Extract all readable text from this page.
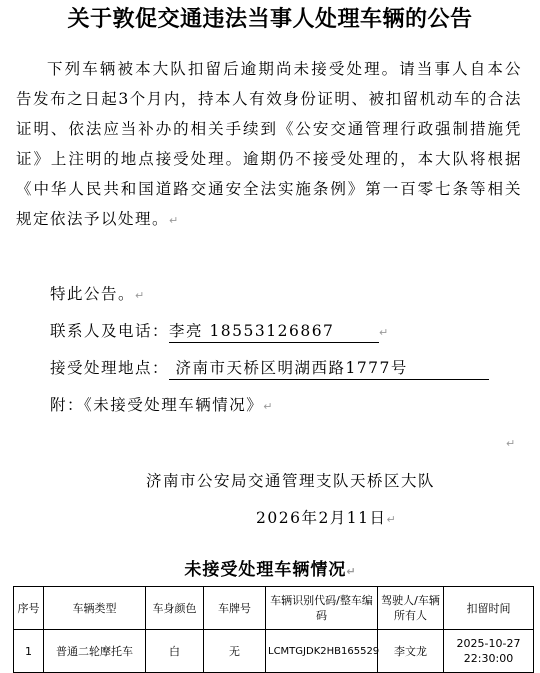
关于敦促交通违法当事人处理车辆的公告
下列车辆被本大队扣留后逾期尚未接受处理。请当事人自本公告发布之日起3个月内，持本人有效身份证明、被扣留机动车的合法证明、依法应当补办的相关手续到《公安交通管理行政强制措施凭证》上注明的地点接受处理。逾期仍不接受处理的，本大队将根据《中华人民共和国道路交通安全法实施条例》第一百零七条等相关规定依法予以处理。↵
特此公告。↵
联系人及电话：李亮 18553126867	↵
接受处理地点： 济南市天桥区明湖西路1777号
附：《未接受处理车辆情况》↵
↵
济南市公安局交通管理支队天桥区大队
2026年2月11日↵
未接受处理车辆情况↵
序号	车辆类型	车身颜色	车牌号	车辆识别代码/整车编码	驾驶人/车辆所有人	扣留时间
1	普通二轮摩托车	白	无	LCMTGJDK2HB165529	李文龙	2025-10-27 22:30:00
